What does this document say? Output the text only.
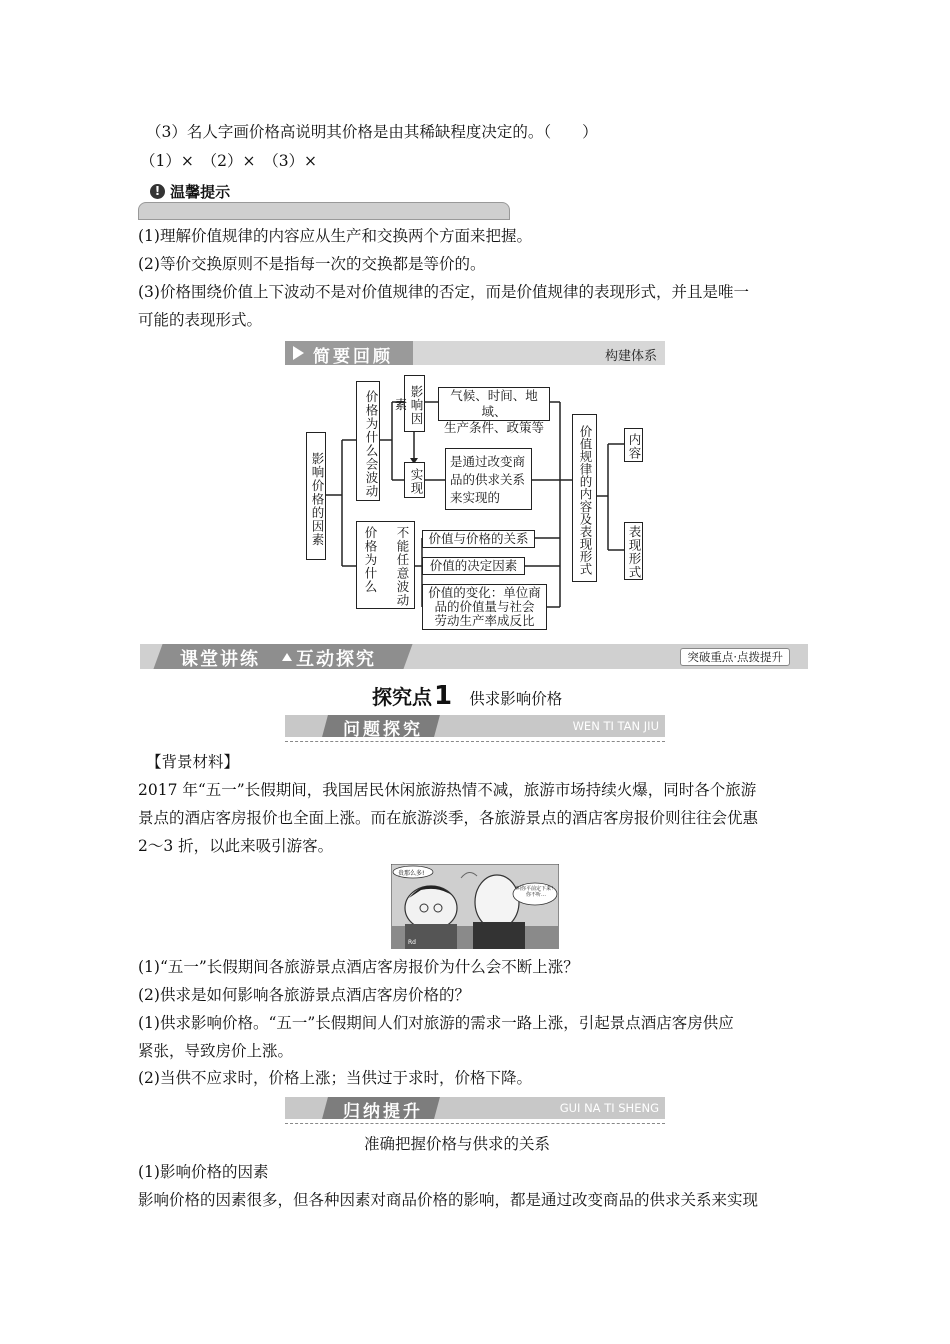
（3）名人字画价格高说明其价格是由其稀缺程度决定的。（　　）
（1）×　（2）×　（3）×
! 温馨提示
(1)理解价值规律的内容应从生产和交换两个方面来把握。
(2)等价交换原则不是指每一次的交换都是等价的。
(3)价格围绕价值上下波动不是对价值规律的否定，而是价值规律的表现形式，并且是唯一
可能的表现形式。
简要回顾	构建体系
影响价格的因素
价格为什么会波动	影响因素
气候、时间、地域、
生产条件、政策等
实现
是通过改变商
品的供求关系
来实现的
不能任意波动
价格为什么	价值与价格的关系
价值的决定因素
价值的变化：单位商
品的价值量与社会
劳动生产率成反比
价值规律的内容及表现形式	内容
表现形式
课堂讲练 互动探究	突破重点·点拨提升
探究点1 供求影响价格
问题探究	WEN TI TAN JIU
【背景材料】
2017 年“五一”长假期间，我国居民休闲旅游热情不减，旅游市场持续火爆，同时各个旅游
景点的酒店客房报价也全面上涨。而在旅游淡季，各旅游景点的酒店客房报价则往往会优惠
2～3 折，以此来吸引游客。
贵那么多!
叫你平前定下来！你不听…
Rd
(1)“五一”长假期间各旅游景点酒店客房报价为什么会不断上涨？
(2)供求是如何影响各旅游景点酒店客房价格的？
(1)供求影响价格。“五一”长假期间人们对旅游的需求一路上涨，引起景点酒店客房供应
紧张，导致房价上涨。
(2)当供不应求时，价格上涨；当供过于求时，价格下降。
归纳提升	GUI NA TI SHENG
准确把握价格与供求的关系
(1)影响价格的因素
影响价格的因素很多，但各种因素对商品价格的影响，都是通过改变商品的供求关系来实现
